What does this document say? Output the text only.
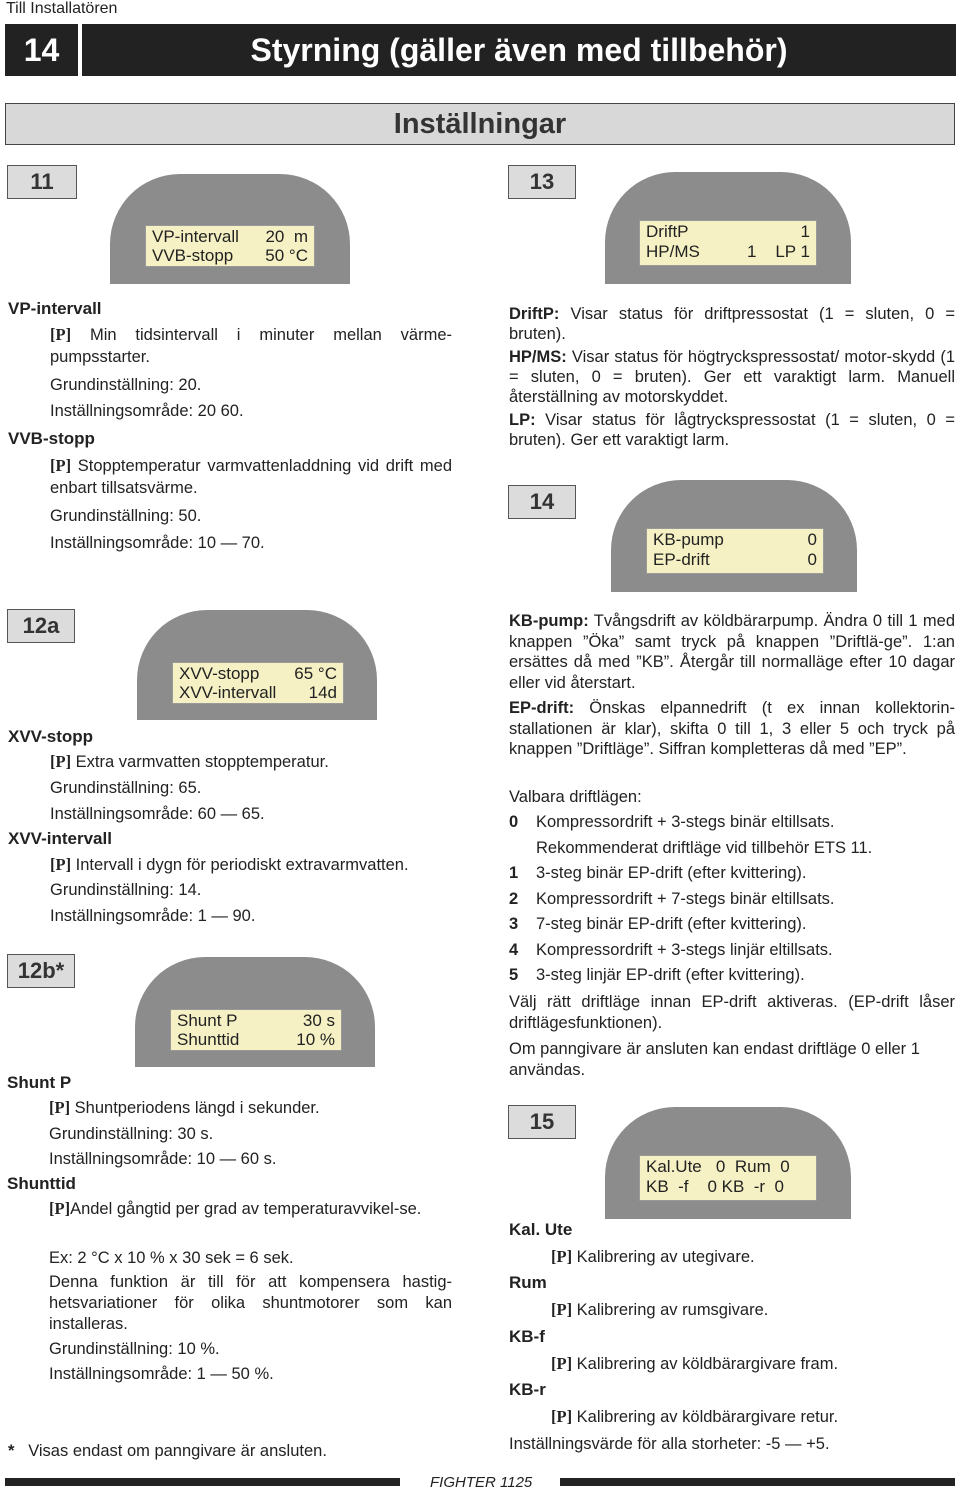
Till Installatören
14	Styrning (gäller även med tillbehör)
Inställningar
11
VP-intervall 20 m
VVB-stopp 50 °C
VP-intervall
[P] Min tidsintervall i minuter mellan värme-pumpsstarter.
Grundinställning: 20.
Inställningsområde: 20 60.
VVB-stopp
[P] Stopptemperatur varmvattenladdning vid drift med enbart tillsatsvärme.
Grundinställning: 50.
Inställningsområde: 10 — 70.
12a
XVV-stopp 65 °C
XVV-intervall 14d
XVV-stopp
[P] Extra varmvatten stopptemperatur.
Grundinställning: 65.
Inställningsområde: 60 — 65.
XVV-intervall
[P] Intervall i dygn för periodiskt extravarmvatten.
Grundinställning: 14.
Inställningsområde: 1 — 90.
12b*
Shunt P	30 s
Shunttid	10 %
Shunt P
[P] Shuntperiodens längd i sekunder.
Grundinställning: 30 s.
Inställningsområde: 10 — 60 s.
Shunttid
[P]Andel gångtid per grad av temperaturavvikel-se.
Ex: 2 °C x 10 % x 30 sek = 6 sek.
Denna funktion är till för att kompensera hastig-hetsvariationer för olika shuntmotorer som kan installeras.
Grundinställning: 10 %.
Inställningsområde: 1 — 50 %.
* Visas endast om panngivare är ansluten.
13
DriftP	1
HP/MS	1 LP 1
DriftP: Visar status för driftpressostat (1 = sluten, 0 = bruten).
HP/MS: Visar status för högtryckspressostat/ motor-skydd (1 = sluten, 0 = bruten). Ger ett varaktigt larm. Manuell återställning av motorskyddet.
LP: Visar status för lågtryckspressostat (1 = sluten, 0 = bruten). Ger ett varaktigt larm.
14
KB-pump	0
EP-drift	0
KB-pump: Tvångsdrift av köldbärarpump. Ändra 0 till 1 med knappen ”Öka” samt tryck på knappen ”Driftlä-ge”. 1:an ersättes då med ”KB”. Återgår till normalläge efter 10 dagar eller vid återstart.
EP-drift: Önskas elpannedrift (t ex innan kollektorin-stallationen är klar), skifta 0 till 1, 3 eller 5 och tryck på knappen ”Driftläge”. Siffran kompletteras då med ”EP”.
Valbara driftlägen:
0	Kompressordrift + 3-stegs binär eltillsats.
Rekommenderat driftläge vid tillbehör ETS 11.
1	3-steg binär EP-drift (efter kvittering).
2	Kompressordrift + 7-stegs binär eltillsats.
3	7-steg binär EP-drift (efter kvittering).
4	Kompressordrift + 3-stegs linjär eltillsats.
5	3-steg linjär EP-drift (efter kvittering).
Välj rätt driftläge innan EP-drift aktiveras. (EP-drift låser driftlägesfunktionen).
Om panngivare är ansluten kan endast driftläge 0 eller 1 användas.
15
Kal.Ute 0 Rum 0
KB -f 0 KB -r 0
Kal. Ute
[P] Kalibrering av utegivare.
Rum
[P] Kalibrering av rumsgivare.
KB-f
[P] Kalibrering av köldbärargivare fram.
KB-r
[P] Kalibrering av köldbärargivare retur.
Inställningsvärde för alla storheter: -5 — +5.
FIGHTER 1125
